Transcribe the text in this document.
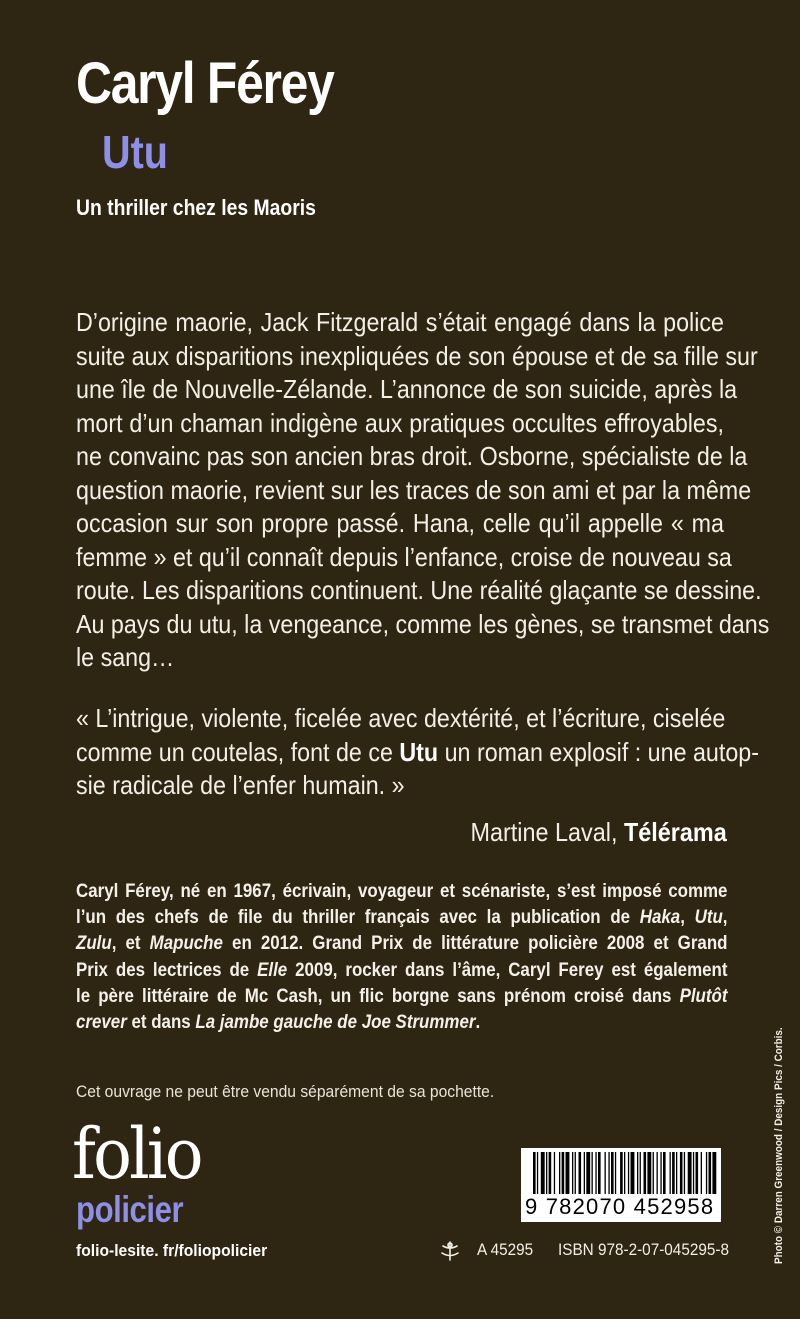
Caryl Férey
Utu
Un thriller chez les Maoris
D’origine maorie, Jack Fitzgerald s’était engagé dans la police
suite aux disparitions inexpliquées de son épouse et de sa fille sur
une île de Nouvelle-Zélande. L’annonce de son suicide, après la
mort d’un chaman indigène aux pratiques occultes effroyables,
ne convainc pas son ancien bras droit. Osborne, spécialiste de la
question maorie, revient sur les traces de son ami et par la même
occasion sur son propre passé. Hana, celle qu’il appelle « ma
femme » et qu’il connaît depuis l’enfance, croise de nouveau sa
route. Les disparitions continuent. Une réalité glaçante se dessine.
Au pays du utu, la vengeance, comme les gènes, se transmet dans
le sang…
« L’intrigue, violente, ficelée avec dextérité, et l’écriture, ciselée
comme un coutelas, font de ce Utu un roman explosif : une autop-
sie radicale de l’enfer humain. »
Martine Laval, Télérama
Caryl Férey, né en 1967, écrivain, voyageur et scénariste, s’est imposé comme
l’un des chefs de file du thriller français avec la publication de Haka, Utu,
Zulu, et Mapuche en 2012. Grand Prix de littérature policière 2008 et Grand
Prix des lectrices de Elle 2009, rocker dans l’âme, Caryl Ferey est également
le père littéraire de Mc Cash, un flic borgne sans prénom croisé dans Plutôt
crever et dans La jambe gauche de Joe Strummer.
Cet ouvrage ne peut être vendu séparément de sa pochette.
folio
policier
folio-lesite. fr/foliopolicier
9 782070 452958
A 45295 ISBN 978-2-07-045295-8	Photo © Darren Greenwood / Design Pics / Corbis.
